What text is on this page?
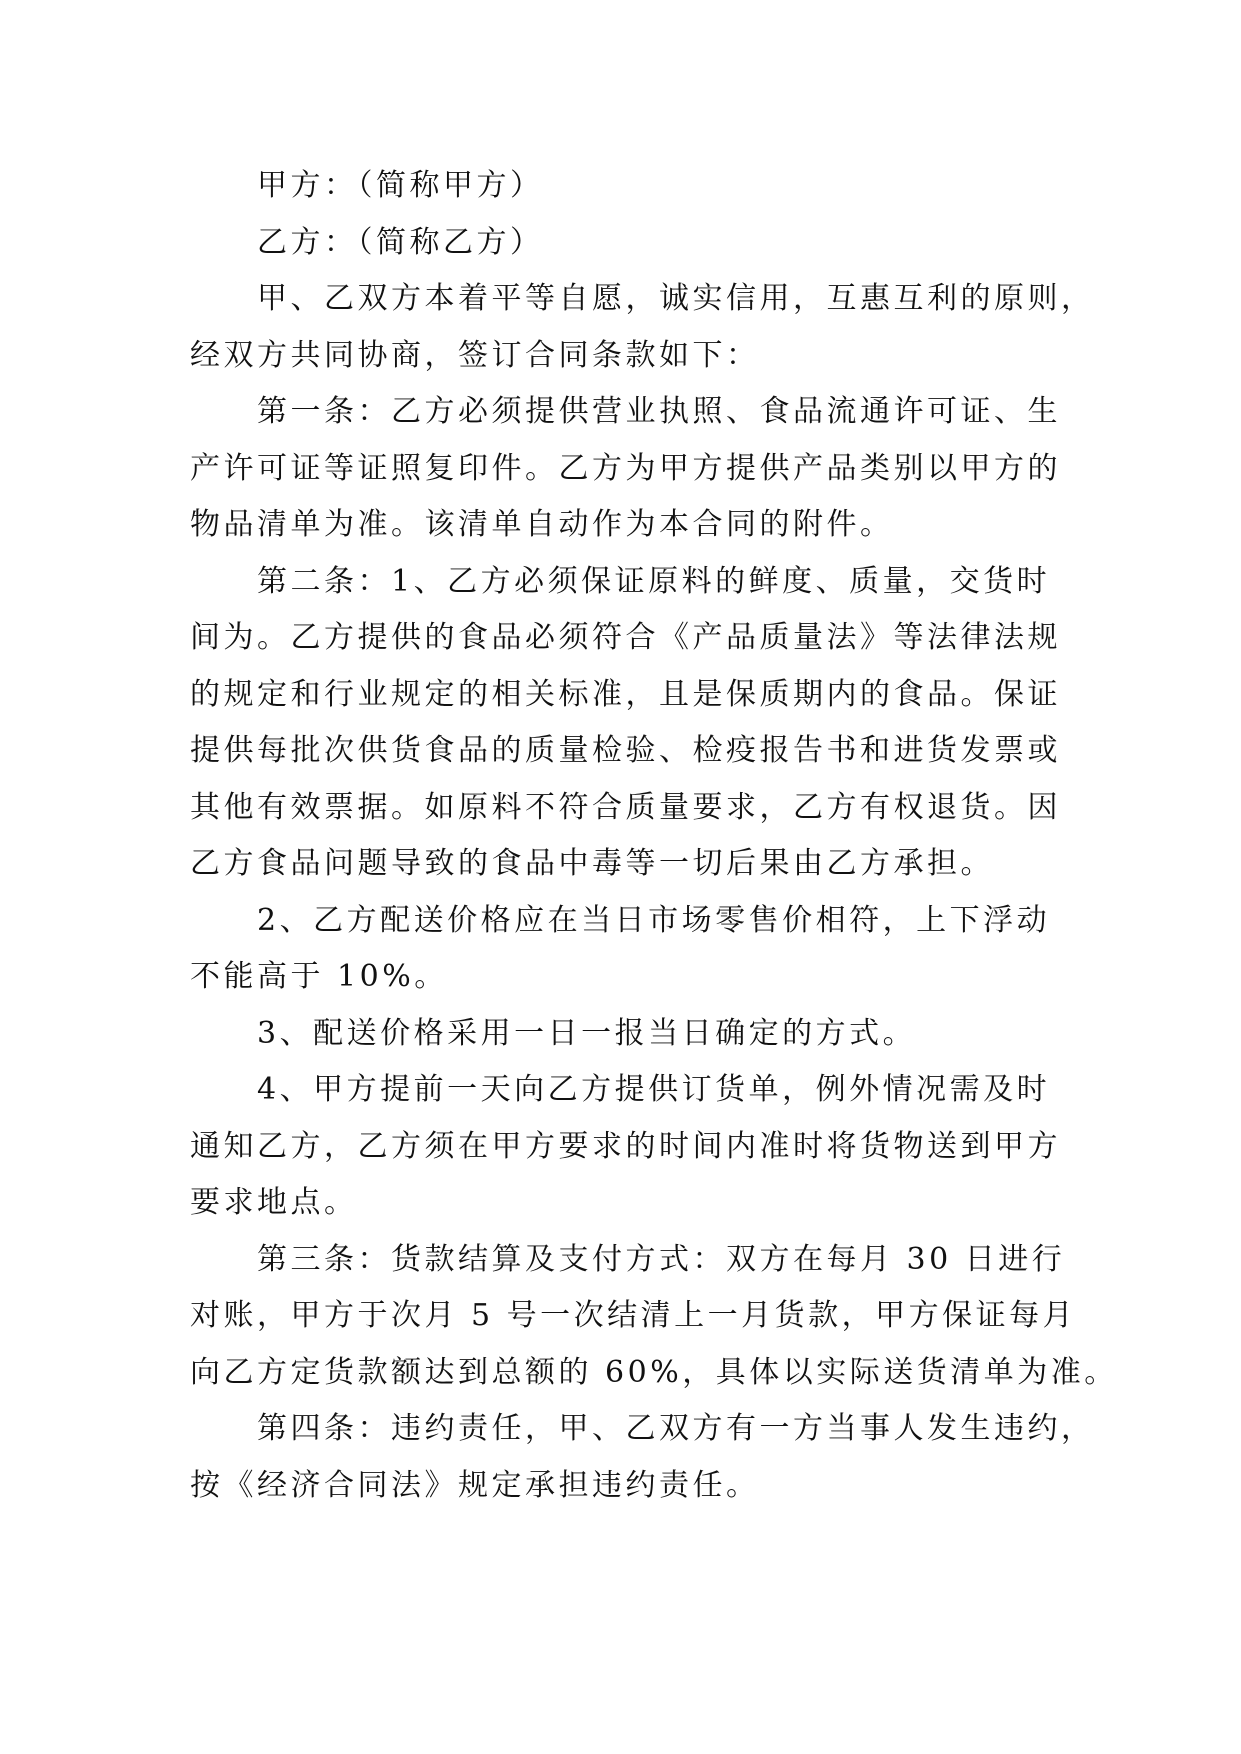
甲方：（简称甲方）
乙方：（简称乙方）
甲、乙双方本着平等自愿，诚实信用，互惠互利的原则，
经双方共同协商，签订合同条款如下：
第一条：乙方必须提供营业执照、食品流通许可证、生
产许可证等证照复印件。乙方为甲方提供产品类别以甲方的
物品清单为准。该清单自动作为本合同的附件。
第二条：1、乙方必须保证原料的鲜度、质量，交货时
间为。乙方提供的食品必须符合《产品质量法》等法律法规
的规定和行业规定的相关标准，且是保质期内的食品。保证
提供每批次供货食品的质量检验、检疫报告书和进货发票或
其他有效票据。如原料不符合质量要求，乙方有权退货。因
乙方食品问题导致的食品中毒等一切后果由乙方承担。
2、乙方配送价格应在当日市场零售价相符，上下浮动
不能高于 10%。
3、配送价格采用一日一报当日确定的方式。
4、甲方提前一天向乙方提供订货单，例外情况需及时
通知乙方，乙方须在甲方要求的时间内准时将货物送到甲方
要求地点。
第三条：货款结算及支付方式：双方在每月 30 日进行
对账，甲方于次月 5 号一次结清上一月货款，甲方保证每月
向乙方定货款额达到总额的 60%，具体以实际送货清单为准。
第四条：违约责任，甲、乙双方有一方当事人发生违约，
按《经济合同法》规定承担违约责任。
